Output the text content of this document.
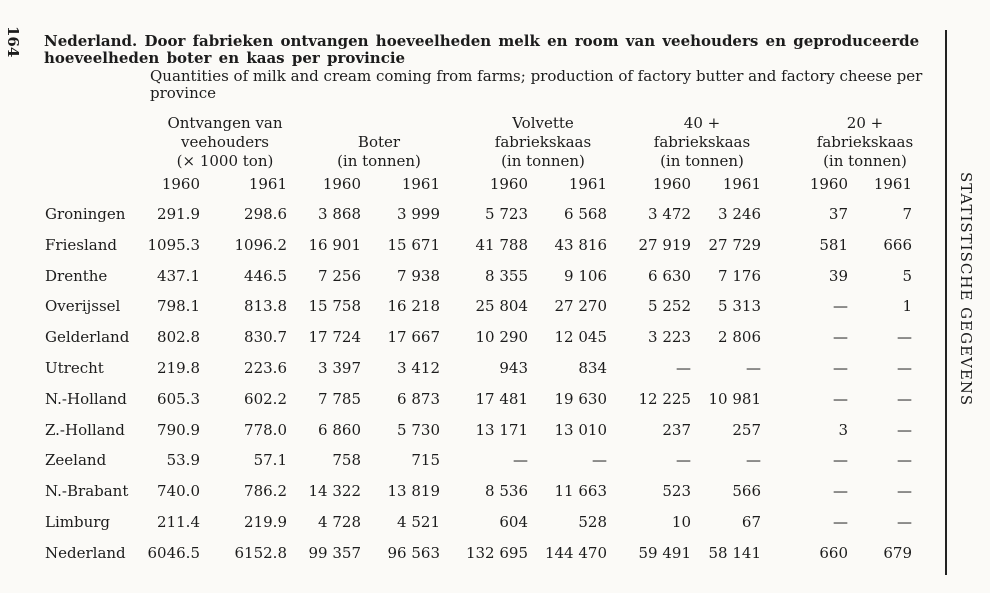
164 Nederland. Door fabrieken ontvangen hoeveelheden melk en room van veehouders en geproduceerde hoeveelheden boter en kaas per provincie
Quantities of milk and cream coming from farms; production of factory butter and factory cheese per province
STATISTISCHE GEGEVENS
Ontvangen van
veehouders
(× 1000 ton)
Boter
(in tonnen)
Volvette
fabriekskaas
(in tonnen)
40 +
fabriekskaas
(in tonnen)
20 +
fabriekskaas
(in tonnen)
1960	1961	1960	1961	1960	1961	1960	1961	1960	1961
Groningen	291.9	298.6	3 868	3 999	5 723	6 568	3 472	3 246	37	7
Friesland	1095.3	1096.2	16 901	15 671	41 788	43 816	27 919	27 729	581	666
Drenthe	437.1	446.5	7 256	7 938	8 355	9 106	6 630	7 176	39	5
Overijssel	798.1	813.8	15 758	16 218	25 804	27 270	5 252	5 313	—	1
Gelderland	802.8	830.7	17 724	17 667	10 290	12 045	3 223	2 806	—	—
Utrecht	219.8	223.6	3 397	3 412	943	834	—	—	—	—
N.-Holland	605.3	602.2	7 785	6 873	17 481	19 630	12 225	10 981	—	—
Z.-Holland	790.9	778.0	6 860	5 730	13 171	13 010	237	257	3	—
Zeeland	53.9	57.1	758	715	—	—	—	—	—	—
N.-Brabant	740.0	786.2	14 322	13 819	8 536	11 663	523	566	—	—
Limburg	211.4	219.9	4 728	4 521	604	528	10	67	—	—
Nederland	6046.5	6152.8	99 357	96 563	132 695	144 470	59 491	58 141	660	679
